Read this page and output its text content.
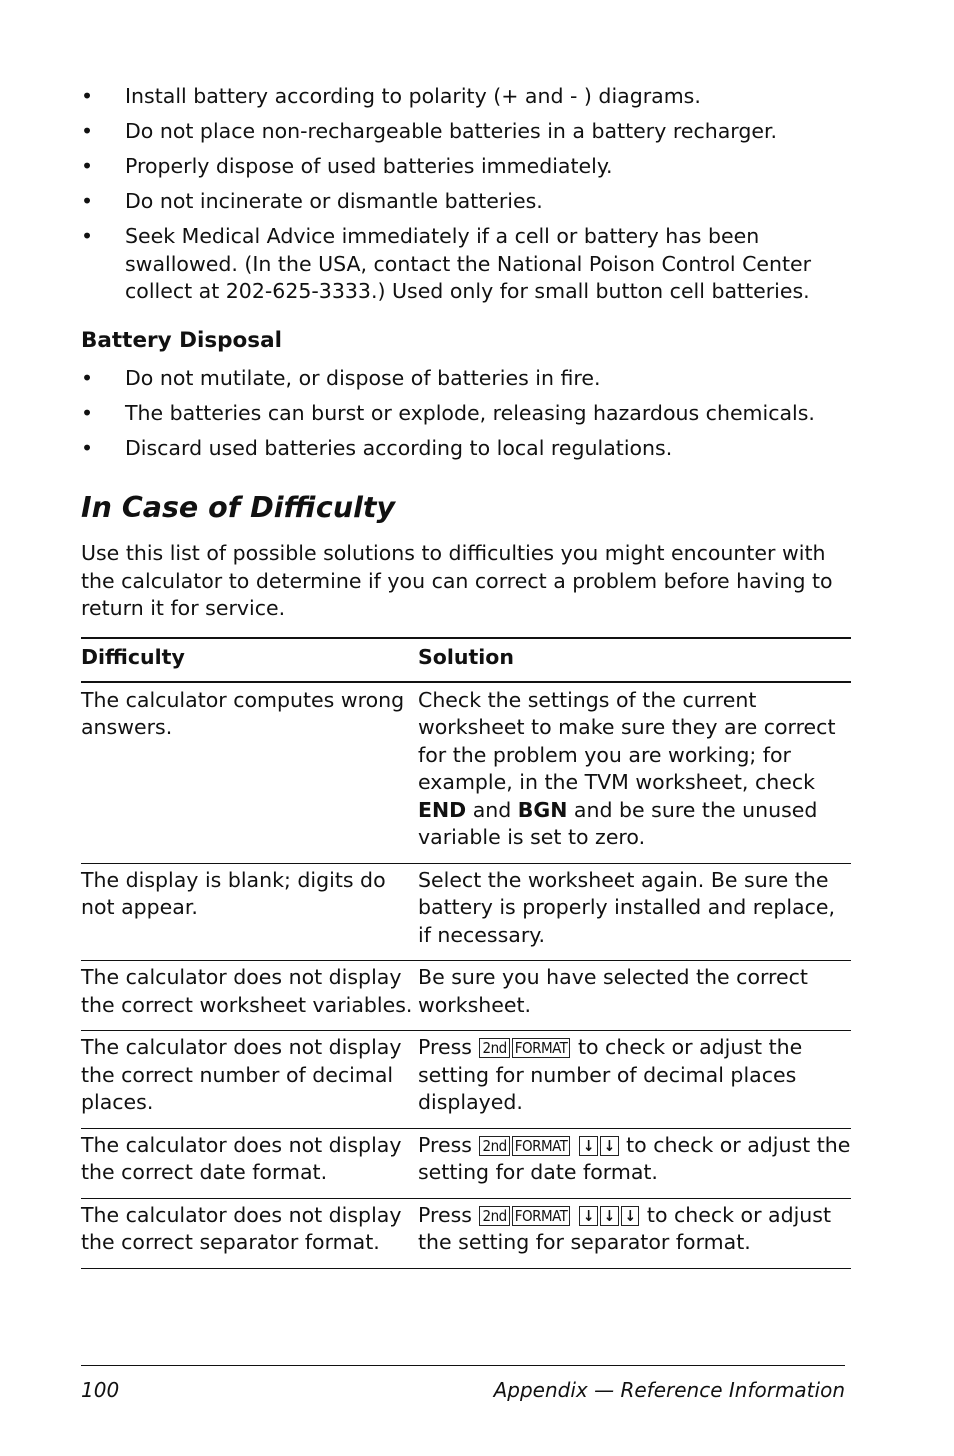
• Install battery according to polarity (+ and - ) diagrams.
• Do not place non-rechargeable batteries in a battery recharger.
• Properly dispose of used batteries immediately.
• Do not incinerate or dismantle batteries.
• Seek Medical Advice immediately if a cell or battery has been swallowed. (In the USA, contact the National Poison Control Center collect at 202-625-3333.) Used only for small button cell batteries.
Battery Disposal
• Do not mutilate, or dispose of batteries in fire.
• The batteries can burst or explode, releasing hazardous chemicals.
• Discard used batteries according to local regulations.
In Case of Difficulty

Use this list of possible solutions to difficulties you might encounter with the calculator to determine if you can correct a problem before having to return it for service.

Difficulty	Solution
The calculator computes wrong answers.
Check the settings of the current worksheet to make sure they are correct for the problem you are working; for example, in the TVM worksheet, check END and BGN and be sure the unused variable is set to zero.
The display is blank; digits do not appear.
Select the worksheet again. Be sure the battery is properly installed and replace, if necessary.
The calculator does not display the correct worksheet variables.
Be sure you have selected the correct worksheet.
The calculator does not display the correct number of decimal places.
Press 2nd FORMAT to check or adjust the setting for number of decimal places displayed.
The calculator does not display the correct date format.
Press 2nd FORMAT ↓ ↓ to check or adjust the setting for date format.
The calculator does not display the correct separator format.
Press 2nd FORMAT ↓ ↓ ↓ to check or adjust the setting for separator format.
100	Appendix — Reference Information
